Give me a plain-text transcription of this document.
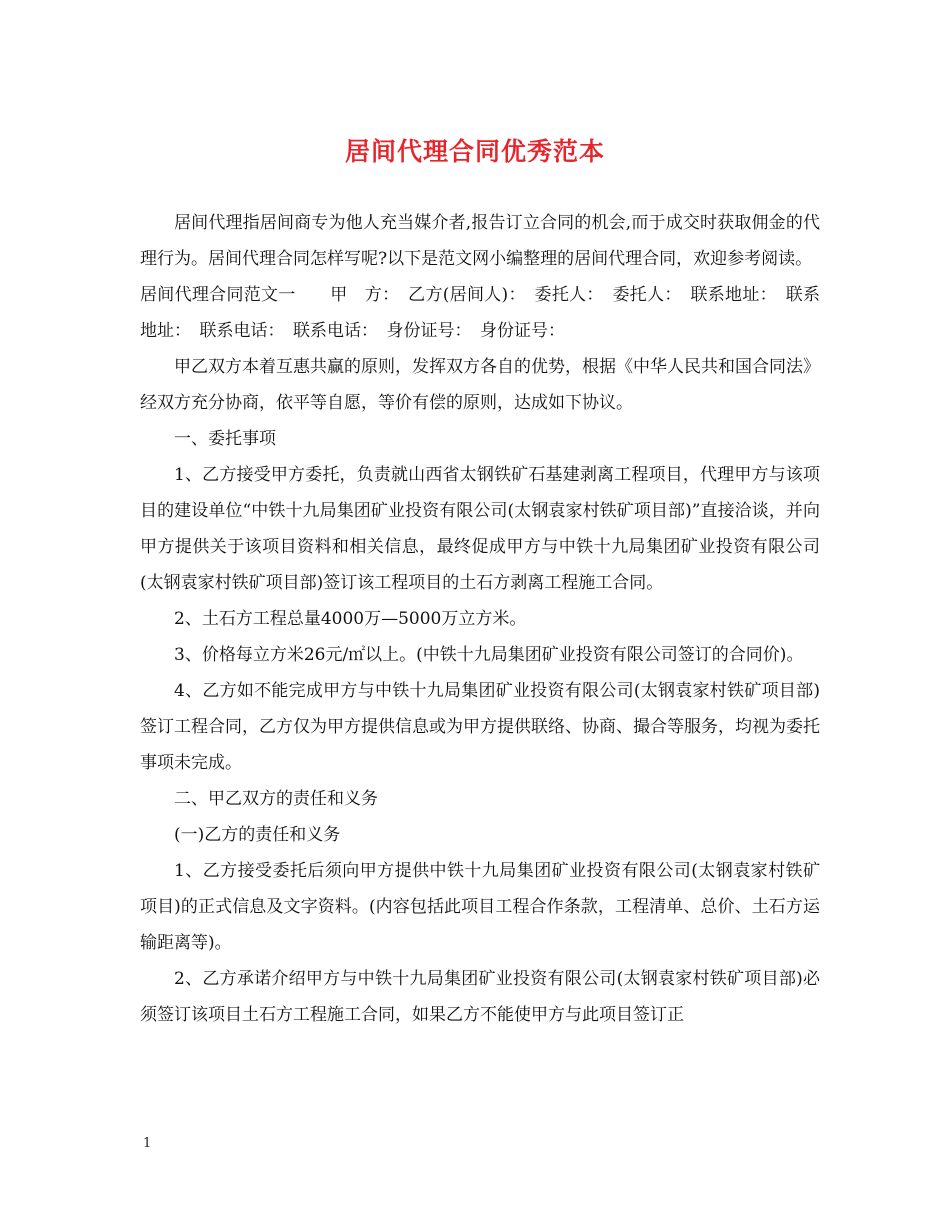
居间代理合同优秀范本

居间代理指居间商专为他人充当媒介者,报告订立合同的机会,而于成交时获取佣金的代理行为。居间代理合同怎样写呢?以下是范文网小编整理的居间代理合同，欢迎参考阅读。

居间代理合同范文一　　甲　方：　乙方(居间人)：　委托人：　委托人：　联系地址：　联系地址：　联系电话：　联系电话：　身份证号：　身份证号：

甲乙双方本着互惠共赢的原则，发挥双方各自的优势，根据《中华人民共和国合同法》经双方充分协商，依平等自愿，等价有偿的原则，达成如下协议。

一、委托事项

1、乙方接受甲方委托，负责就山西省太钢铁矿石基建剥离工程项目，代理甲方与该项目的建设单位“中铁十九局集团矿业投资有限公司(太钢袁家村铁矿项目部)”直接洽谈，并向甲方提供关于该项目资料和相关信息，最终促成甲方与中铁十九局集团矿业投资有限公司(太钢袁家村铁矿项目部)签订该工程项目的土石方剥离工程施工合同。

2、土石方工程总量4000万—5000万立方米。

3、价格每立方米26元/㎡以上。(中铁十九局集团矿业投资有限公司签订的合同价)。

4、乙方如不能完成甲方与中铁十九局集团矿业投资有限公司(太钢袁家村铁矿项目部)签订工程合同，乙方仅为甲方提供信息或为甲方提供联络、协商、撮合等服务，均视为委托事项未完成。

二、甲乙双方的责任和义务

(一)乙方的责任和义务

1、乙方接受委托后须向甲方提供中铁十九局集团矿业投资有限公司(太钢袁家村铁矿项目)的正式信息及文字资料。(内容包括此项目工程合作条款，工程清单、总价、土石方运输距离等)。

2、乙方承诺介绍甲方与中铁十九局集团矿业投资有限公司(太钢袁家村铁矿项目部)必须签订该项目土石方工程施工合同，如果乙方不能使甲方与此项目签订正

1
